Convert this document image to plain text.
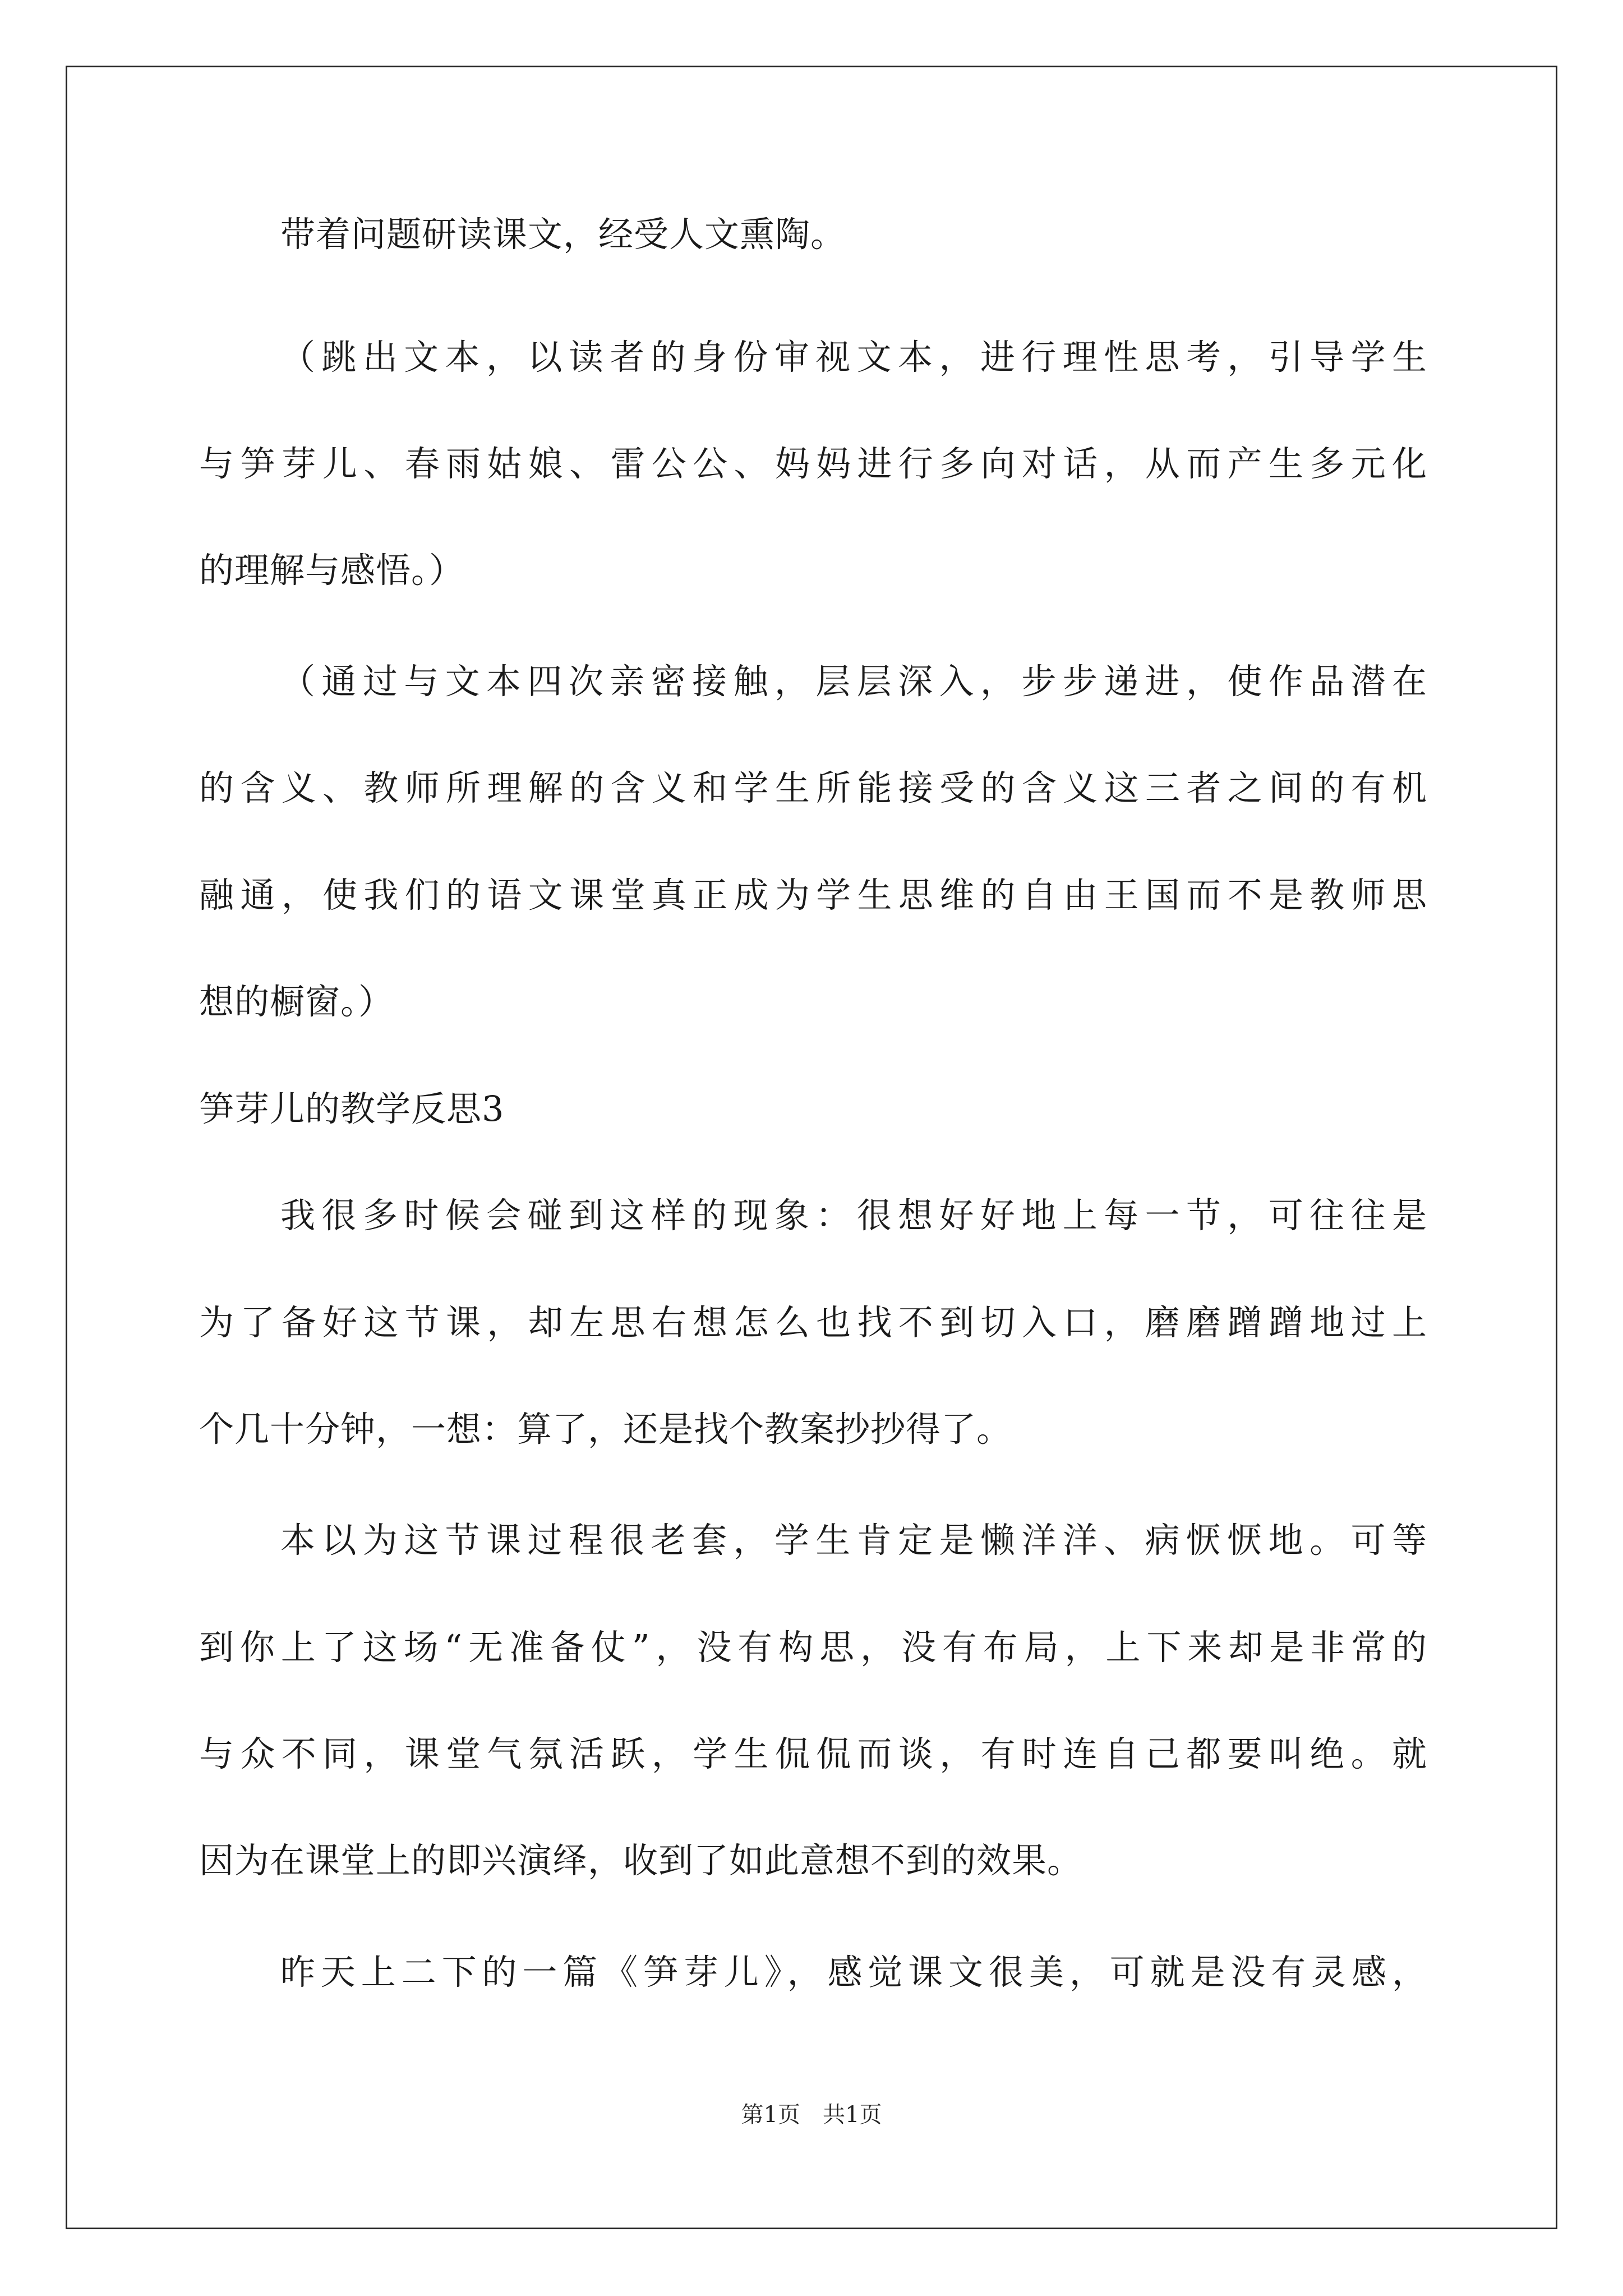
带着问题研读课文，经受人文熏陶。
（跳出文本，以读者的身份审视文本，进行理性思考，引导学生
与笋芽儿、春雨姑娘、雷公公、妈妈进行多向对话，从而产生多元化
的理解与感悟。）
（通过与文本四次亲密接触，层层深入，步步递进，使作品潜在
的含义、教师所理解的含义和学生所能接受的含义这三者之间的有机
融通，使我们的语文课堂真正成为学生思维的自由王国而不是教师思
想的橱窗。）
笋芽儿的教学反思3
我很多时候会碰到这样的现象：很想好好地上每一节，可往往是
为了备好这节课，却左思右想怎么也找不到切入口，磨磨蹭蹭地过上
个几十分钟，一想：算了，还是找个教案抄抄得了。
本以为这节课过程很老套，学生肯定是懒洋洋、病恹恹地。可等
到你上了这场“无准备仗”，没有构思，没有布局，上下来却是非常的
与众不同，课堂气氛活跃，学生侃侃而谈，有时连自己都要叫绝。就
因为在课堂上的即兴演绎，收到了如此意想不到的效果。
昨天上二下的一篇《笋芽儿》，感觉课文很美，可就是没有灵感，
第1页　共1页
